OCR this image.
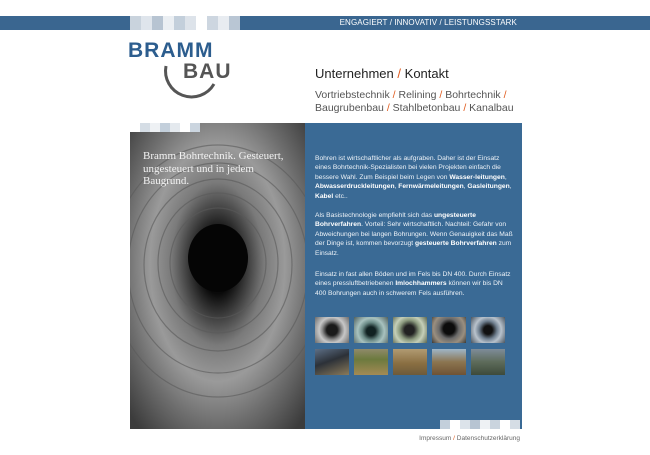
ENGAGIERT / INNOVATIV / LEISTUNGSSTARK
BRAMM
BAU	Unternehmen / Kontakt
Vortriebstechnik / Relining / Bohrtechnik /
Baugrubenbau / Stahlbetonbau / Kanalbau
Bramm Bohrtechnik. Gesteuert, ungesteuert und in jedem Baugrund.

Bohren ist wirtschaftlicher als aufgraben. Daher ist der Einsatz eines Bohrtechnik-Spezialisten bei vielen Projekten einfach die bessere Wahl. Zum Beispiel beim Legen von Wasser-leitungen, Abwasserdruckleitungen, Fernwärmeleitungen, Gasleitungen, Kabel etc..

Als Basistechnologie empfiehlt sich das ungesteuerte Bohrverfahren. Vorteil: Sehr wirtschaftlich. Nachteil: Gefahr von Abweichungen bei langen Bohrungen. Wenn Genauigkeit das Maß der Dinge ist, kommen bevorzugt gesteuerte Bohrverfahren zum Einsatz.

Einsatz in fast allen Böden und im Fels bis DN 400. Durch Einsatz eines pressluftbetriebenen Imlochhammers können wir bis DN 400 Bohrungen auch in schwerem Fels ausführen.

Impressum / Datenschutzerklärung
